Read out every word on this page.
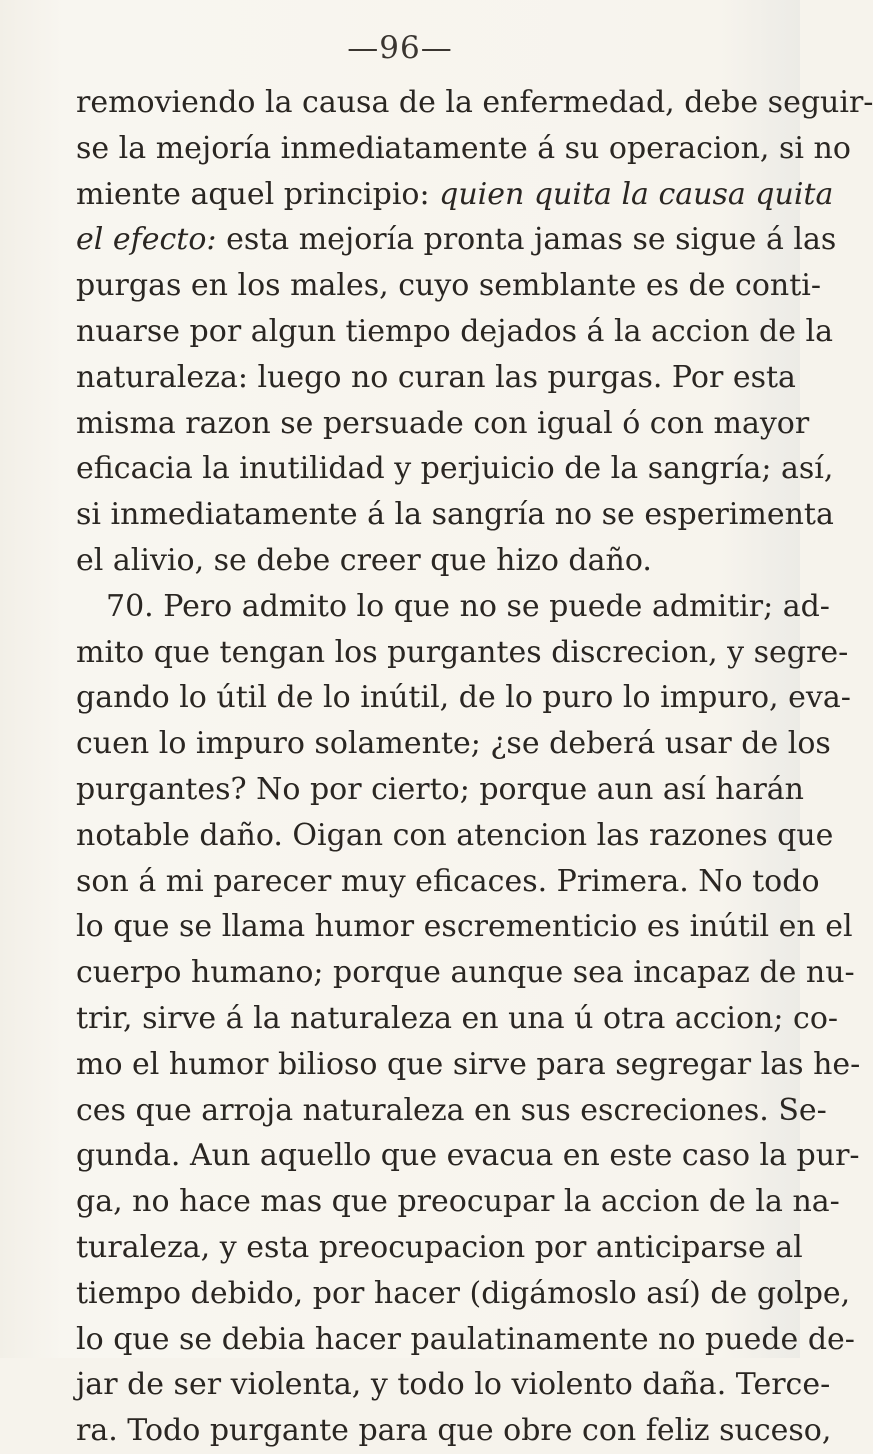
—96—
removiendo la causa de la enfermedad, debe seguir-
se la mejoría inmediatamente á su operacion, si no
miente aquel principio: quien quita la causa quita
el efecto: esta mejoría pronta jamas se sigue á las
purgas en los males, cuyo semblante es de conti-
nuarse por algun tiempo dejados á la accion de la
naturaleza: luego no curan las purgas. Por esta
misma razon se persuade con igual ó con mayor
eficacia la inutilidad y perjuicio de la sangría; así,
si inmediatamente á la sangría no se esperimenta
el alivio, se debe creer que hizo daño.
70. Pero admito lo que no se puede admitir; ad-
mito que tengan los purgantes discrecion, y segre-
gando lo útil de lo inútil, de lo puro lo impuro, eva-
cuen lo impuro solamente; ¿se deberá usar de los
purgantes? No por cierto; porque aun así harán
notable daño. Oigan con atencion las razones que
son á mi parecer muy eficaces. Primera. No todo
lo que se llama humor escrementicio es inútil en el
cuerpo humano; porque aunque sea incapaz de nu-
trir, sirve á la naturaleza en una ú otra accion; co-
mo el humor bilioso que sirve para segregar las he-
ces que arroja naturaleza en sus escreciones. Se-
gunda. Aun aquello que evacua en este caso la pur-
ga, no hace mas que preocupar la accion de la na-
turaleza, y esta preocupacion por anticiparse al
tiempo debido, por hacer (digámoslo así) de golpe,
lo que se debia hacer paulatinamente no puede de-
jar de ser violenta, y todo lo violento daña. Terce-
ra. Todo purgante para que obre con feliz suceso,
